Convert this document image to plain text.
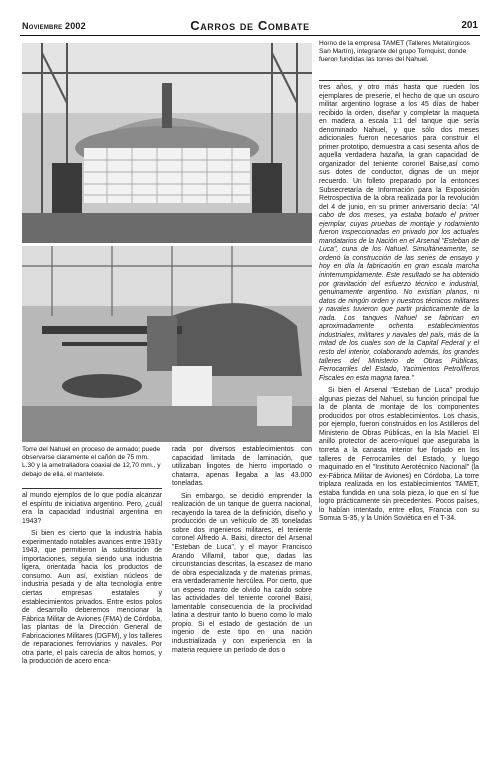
Noviembre 2002	Carros de Combate	201
Horno de la empresa TAMET (Talleres Metalúrgicos San Martín), integrante del grupo Tornquist, donde fueron fundidas las torres del Nahuel.
Torre del Nahuel en proceso de armado; puede observarse claramente el cañón de 75 mm. L.30 y la ametralladora coaxial de 12,70 mm., y debajo de ella, el mantelete.

al mundo ejemplos de lo que podía alcanzar el espíritu de iniciativa argentino. Pero, ¿cuál era la capacidad industrial argentina en 1943?

Si bien es cierto que la industria había experimentado notables avances entre 1931y 1943, que permitieron la substitución de importaciones, seguía siendo una industria ligera, orientada hacia los productos de consumo. Aun así, existían núcleos de industria pesada y de alta tecnología entre ciertas empresas estatales y establecimientos privados. Entre estos polos de desarrollo deberemos mencionar la Fábrica Militar de Aviones (FMA) de Córdoba, las plantas de la Dirección General de Fabricaciones Militares (DGFM), y los talleres de reparaciones ferroviarios y navales. Por otra parte, el país carecía de altos hornos, y la producción de acero enca-

rada por diversos establecimientos con capacidad limitada de laminación, que utilizaban lingotes de hierro importado o chatarra, apenas llegaba a las 43.000 toneladas.

Sin embargo, se decidió emprender la realización de un tanque de guerra nacional, recayendo la tarea de la definición, diseño y producción de un vehículo de 35 toneladas sobre dos ingenieros militares, el teniente coronel Alfredo A. Baisi, director del Arsenal "Esteban de Luca", y el mayor Francisco Arando Villamil, tabor que, dadas las circunstancias descritas, la escasez de mano de obra especializada y de materias primas, era verdaderamente hercúlea. Por cierto, que un espeso manto de olvido ha caído sobre las actividades del teniente coronel Baisi, lamentable consecuencia de la proclividad latina a destruir tanto lo bueno como lo malo propio. Si el estado de gestación de un ingenio de este tipo en una nación industrializada y con experiencia en la materia requiere un período de dos o

tres años, y otro más hasta que rueden los ejemplares de preserie, el hecho de que un oscuro militar argentino lograse a los 45 días de haber recibido la orden, diseñar y completar la maqueta en madera a escala 1:1 del tanque que sería denominado Nahuel, y que sólo dos meses adicionales fueron necesarios para construir el primer prototipo, demuestra a casi sesenta años de aquella verdadera hazaña, la gran capacidad de organizador del teniente coronel Baise,así como sus dotes de conductor, dignas de un mejor recuerdo. Un folleto preparado por la entonces Subsecretaría de Información para la Exposición Retrospectiva de la obra realizada por la revolución del 4 de junio, en su primer aniversario decía: "Al cabo de dos meses, ya estaba botado el primer ejemplar, cuyas pruebas de montaje y rodamiento fueron inspeccionadas en privado por los actuales mandatarios de la Nación en el Arsenal "Esteban de Luca", cuna de los Nahuel. Simultáneamente, se ordenó la construcción de las series de ensayo y hoy en día la fabricación en gran escala marcha ininterrumpidamente. Este resultado se ha obtenido por gravitación del esfuerzo técnico e industrial, genuinamente argentino. No existían planos, ni datos de ningún orden y nuestros técnicos militares y navales tuvieron que partir prácticamente de la nada. Los tanques Nahuel se fabrican en aproximadamente ochenta establecimientos industriales, militares y navales del país, más de la mitad de los cuales son de la Capital Federal y el resto del interior, colaborando además, los grandes talleres del Ministerio de Obras Públicas, Ferrocarriles del Estado, Yacimientos Petrolíferos Fiscales en esta magna tarea."

Si bien el Arsenal "Esteban de Luca" produjo algunas piezas del Nahuel, su función principal fue la de planta de montaje de los componentes producidos por otros establecimientos. Los chasis, por ejemplo, fueron construidos en los Astilleros del Ministerio de Obras Públicas, en la Isla Maciel. El anillo protector de acero-níquel que aseguraba la torreta a la canasta interior fue forjado en los talleres de Ferrocarriles del Estado, y luego maquinado en el "Instituto Aerotécnico Nacional" (la ex-Fábrica Militar de Aviones) en Córdoba. La torre triplaza realizada en los establecimientos TAMET, estaba fundida en una sola pieza, lo que en sí fue logro prácticamente sin precedentes. Pocos países, lo habían intentado, entre ellos, Francia con su Somua S-35, y la Unión Soviética en el T-34.
